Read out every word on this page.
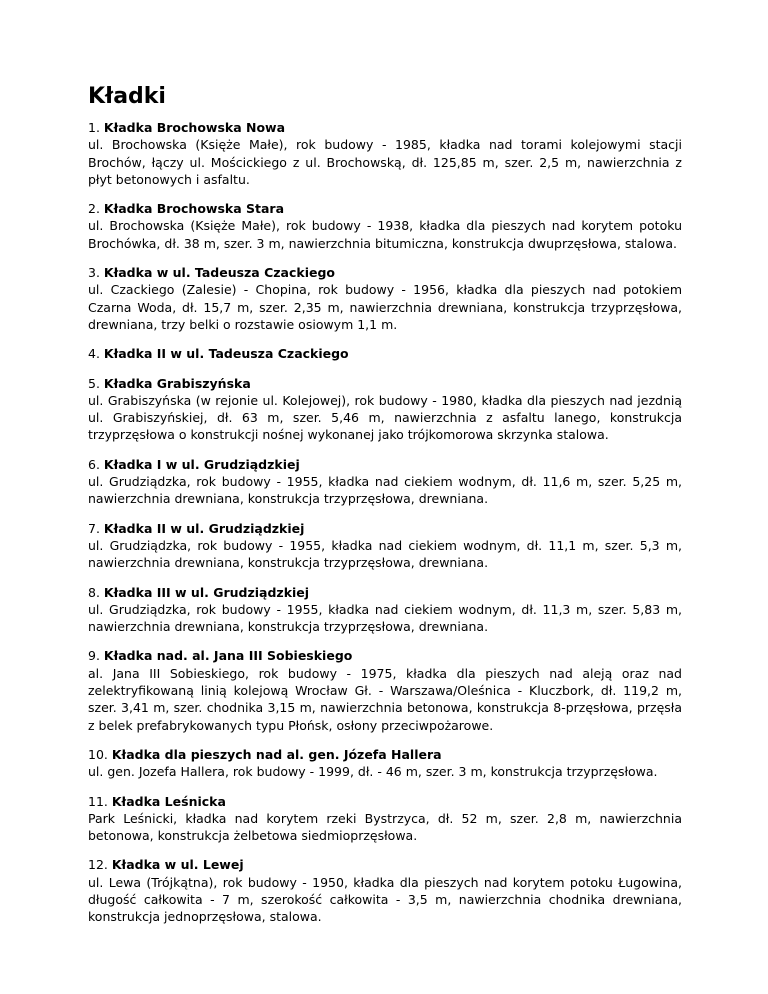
Kładki
1. Kładka Brochowska Nowa
ul. Brochowska (Księże Małe), rok budowy - 1985, kładka nad torami kolejowymi stacji Brochów, łączy ul. Mościckiego z ul. Brochowską, dł. 125,85 m, szer. 2,5 m, nawierzchnia z płyt betonowych i asfaltu.
2. Kładka Brochowska Stara
ul. Brochowska (Księże Małe), rok budowy - 1938, kładka dla pieszych nad korytem potoku Brochówka, dł. 38 m, szer. 3 m, nawierzchnia bitumiczna, konstrukcja dwuprzęsłowa, stalowa.
3. Kładka w ul. Tadeusza Czackiego
ul. Czackiego (Zalesie) - Chopina, rok budowy - 1956, kładka dla pieszych nad potokiem Czarna Woda, dł. 15,7 m, szer. 2,35 m, nawierzchnia drewniana, konstrukcja trzyprzęsłowa, drewniana, trzy belki o rozstawie osiowym 1,1 m.
4. Kładka II w ul. Tadeusza Czackiego
5. Kładka Grabiszyńska
ul. Grabiszyńska (w rejonie ul. Kolejowej), rok budowy - 1980, kładka dla pieszych nad jezdnią ul. Grabiszyńskiej, dł. 63 m, szer. 5,46 m, nawierzchnia z asfaltu lanego, konstrukcja trzyprzęsłowa o konstrukcji nośnej wykonanej jako trójkomorowa skrzynka stalowa.
6. Kładka I w ul. Grudziądzkiej
ul. Grudziądzka, rok budowy - 1955, kładka nad ciekiem wodnym, dł. 11,6 m, szer. 5,25 m, nawierzchnia drewniana, konstrukcja trzyprzęsłowa, drewniana.
7. Kładka II w ul. Grudziądzkiej
ul. Grudziądzka, rok budowy - 1955, kładka nad ciekiem wodnym, dł. 11,1 m, szer. 5,3 m, nawierzchnia drewniana, konstrukcja trzyprzęsłowa, drewniana.
8. Kładka III w ul. Grudziądzkiej
ul. Grudziądzka, rok budowy - 1955, kładka nad ciekiem wodnym, dł. 11,3 m, szer. 5,83 m, nawierzchnia drewniana, konstrukcja trzyprzęsłowa, drewniana.
9. Kładka nad. al. Jana III Sobieskiego
al. Jana III Sobieskiego, rok budowy - 1975, kładka dla pieszych nad aleją oraz nad zelektryfikowaną linią kolejową Wrocław Gł. - Warszawa/Oleśnica - Kluczbork, dł. 119,2 m, szer. 3,41 m, szer. chodnika 3,15 m, nawierzchnia betonowa, konstrukcja 8-przęsłowa, przęsła z belek prefabrykowanych typu Płońsk, osłony przeciwpożarowe.
10. Kładka dla pieszych nad al. gen. Józefa Hallera
ul. gen. Jozefa Hallera, rok budowy - 1999, dł. - 46 m, szer. 3 m, konstrukcja trzyprzęsłowa.
11. Kładka Leśnicka
Park Leśnicki, kładka nad korytem rzeki Bystrzyca, dł. 52 m, szer. 2,8 m, nawierzchnia betonowa, konstrukcja żelbetowa siedmioprzęsłowa.
12. Kładka w ul. Lewej
ul. Lewa (Trójkątna), rok budowy - 1950, kładka dla pieszych nad korytem potoku Ługowina, długość całkowita - 7 m, szerokość całkowita - 3,5 m, nawierzchnia chodnika drewniana, konstrukcja jednoprzęsłowa, stalowa.
